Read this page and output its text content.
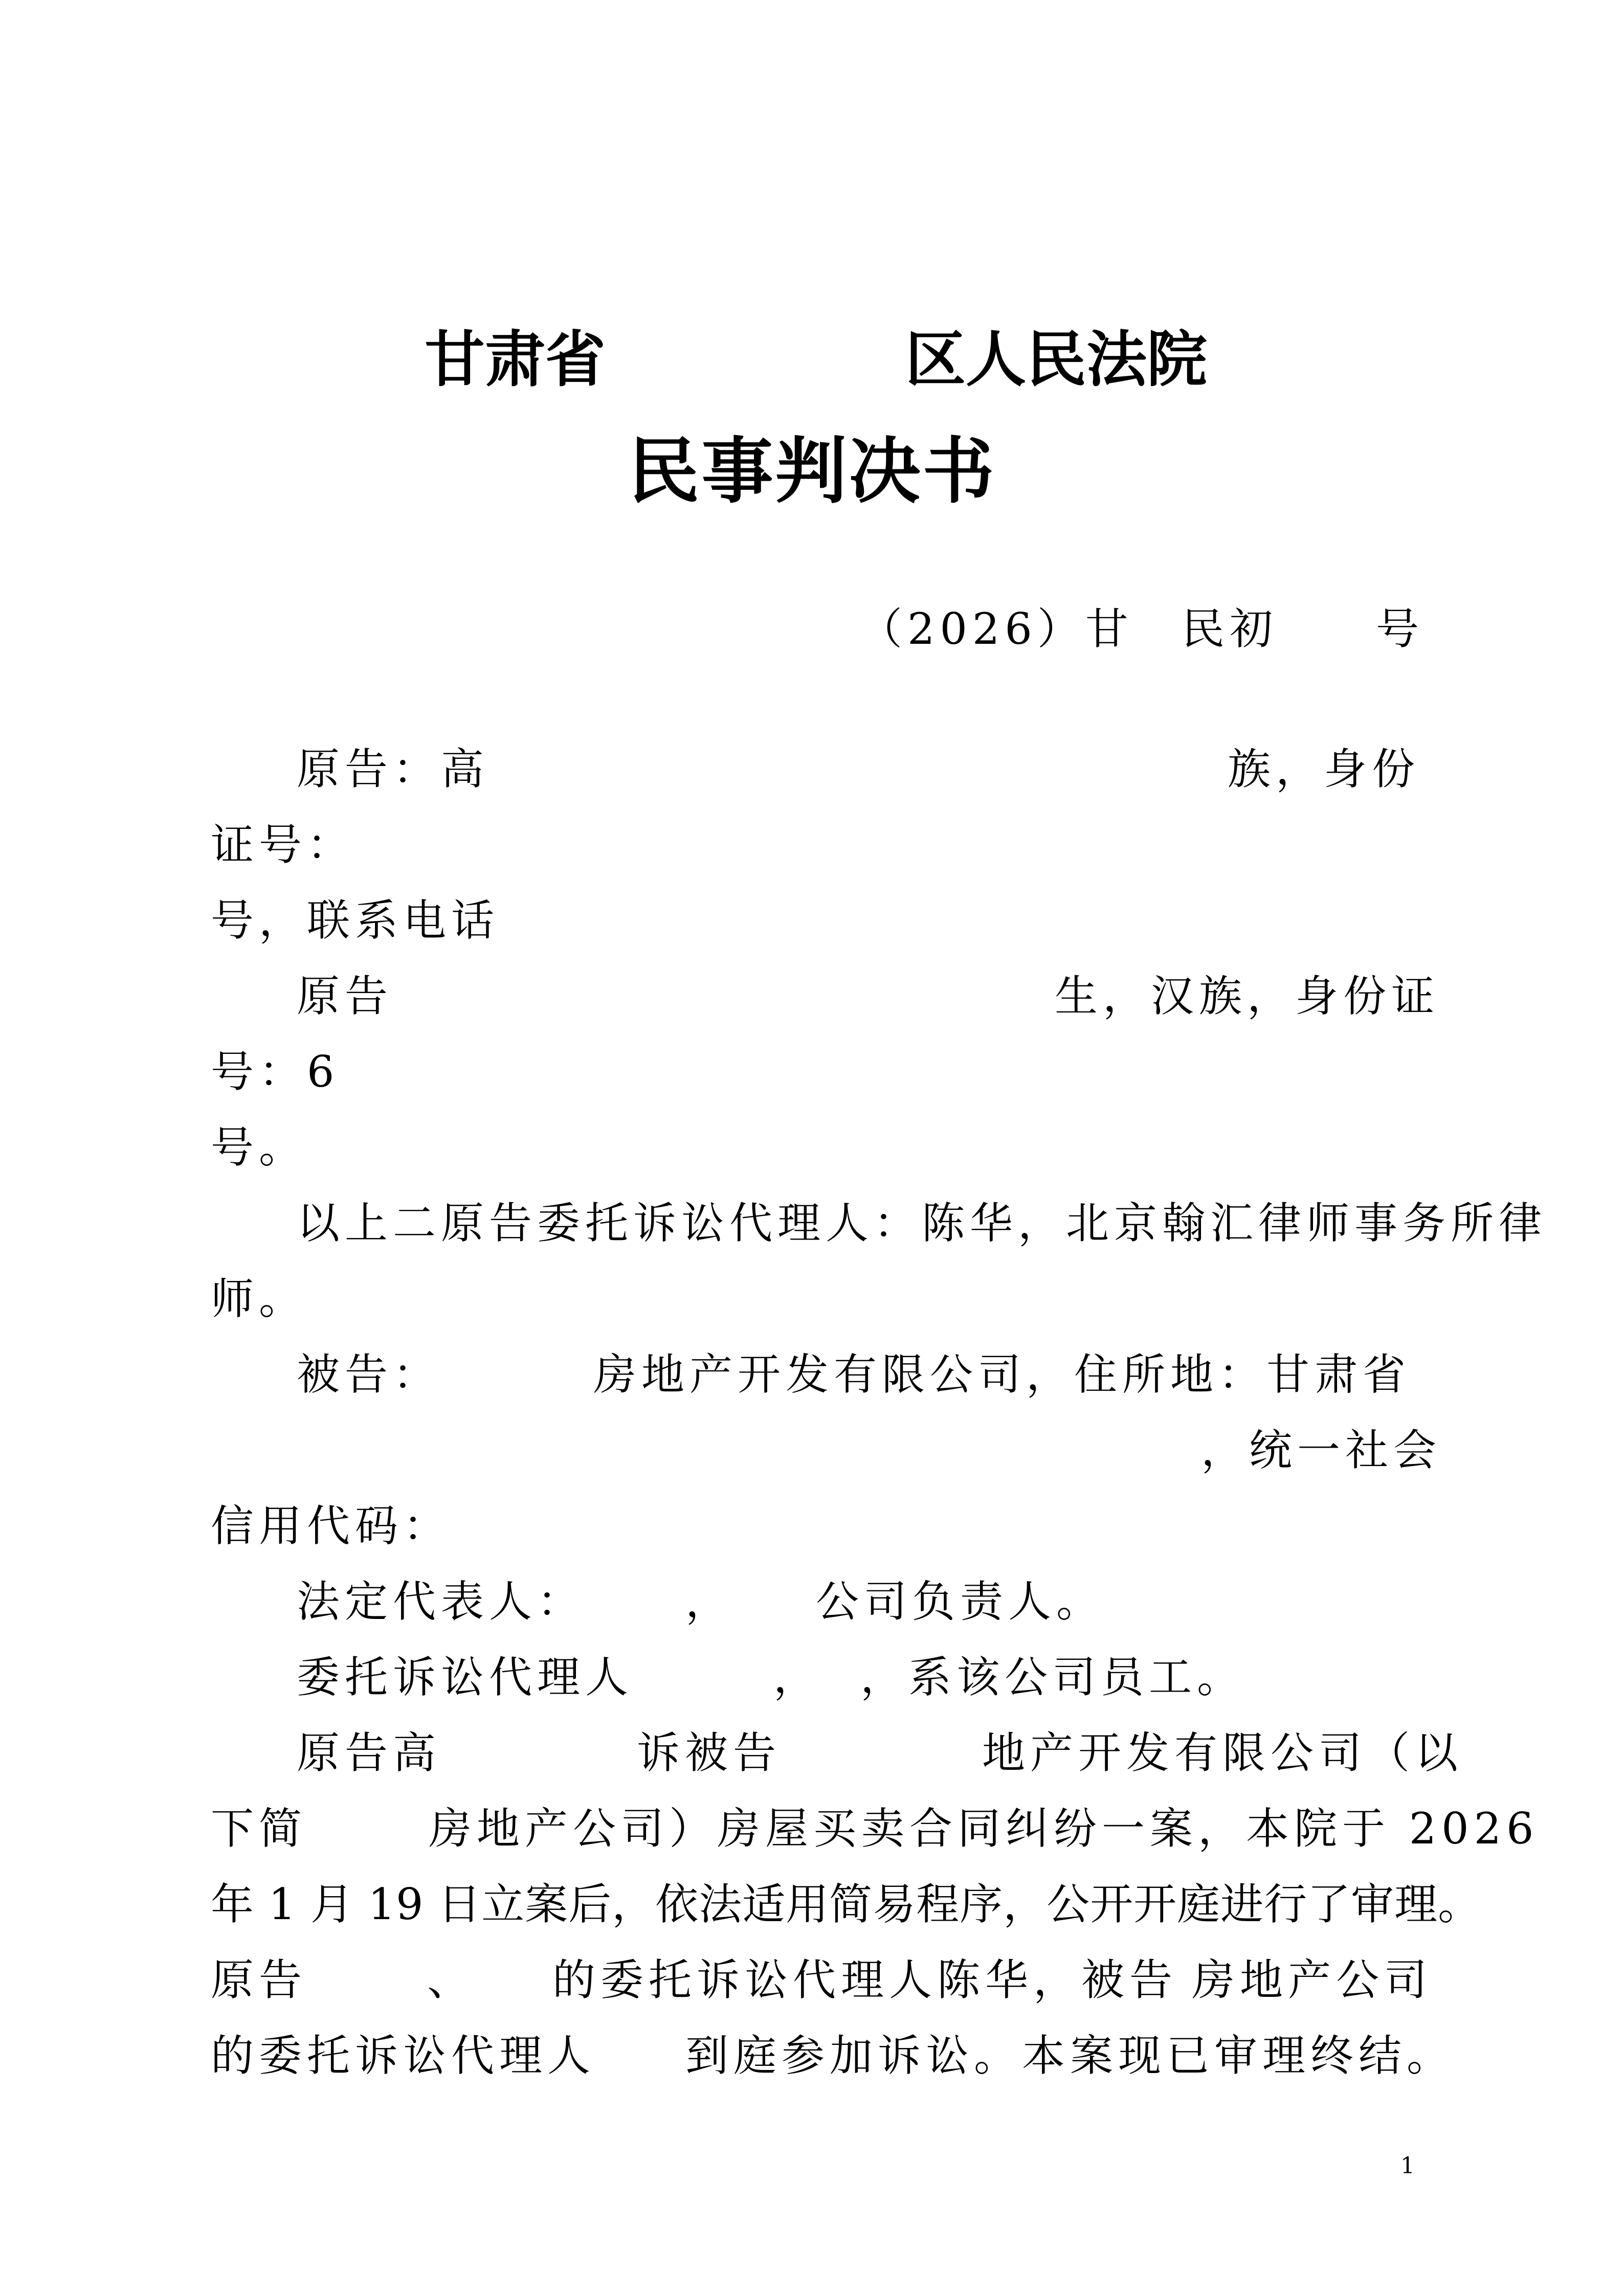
甘肃省	区人民法院
民事判决书
（2026）甘 民初 号
原告：高	族，身份
证号：
号，联系电话
原告	生，汉族，身份证
号：6
号。
以上二原告委托诉讼代理人：陈华，北京翰汇律师事务所律
师。
被告：	房地产开发有限公司，住所地：甘肃省
，统一社会
信用代码：
法定代表人： ， 公司负责人。
委托诉讼代理人	， ，系该公司员工。
原告高	诉被告	地产开发有限公司（以
下简	房地产公司）房屋买卖合同纠纷一案，本院于 2026
年 1 月 19 日立案后，依法适用简易程序，公开开庭进行了审理。
原告	、 的委托诉讼代理人陈华，被告 房地产公司
的委托诉讼代理人 到庭参加诉讼。本案现已审理终结。
1
